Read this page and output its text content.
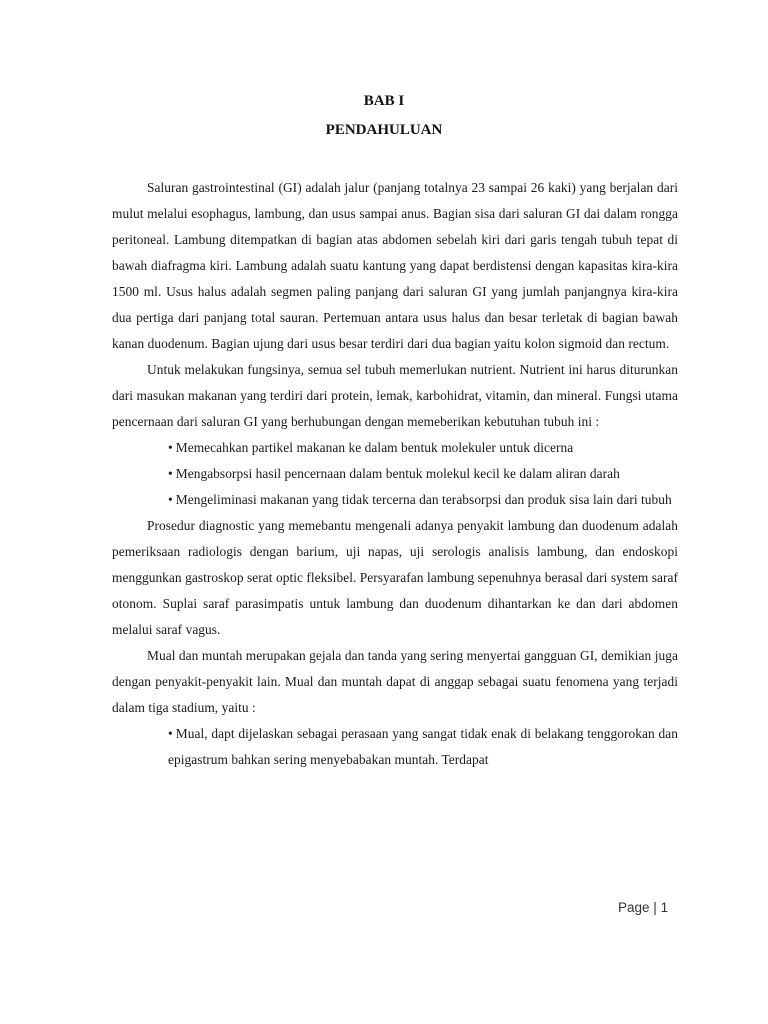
BAB I
PENDAHULUAN

Saluran gastrointestinal (GI) adalah jalur (panjang totalnya 23 sampai 26 kaki) yang berjalan dari mulut melalui esophagus, lambung, dan usus sampai anus. Bagian sisa dari saluran GI dai dalam rongga peritoneal. Lambung ditempatkan di bagian atas abdomen sebelah kiri dari garis tengah tubuh tepat di bawah diafragma kiri. Lambung adalah suatu kantung yang dapat berdistensi dengan kapasitas kira-kira 1500 ml. Usus halus adalah segmen paling panjang dari saluran GI yang jumlah panjangnya kira-kira dua pertiga dari panjang total sauran. Pertemuan antara usus halus dan besar terletak di bagian bawah kanan duodenum. Bagian ujung dari usus besar terdiri dari dua bagian yaitu kolon sigmoid dan rectum.

Untuk melakukan fungsinya, semua sel tubuh memerlukan nutrient. Nutrient ini harus diturunkan dari masukan makanan yang terdiri dari protein, lemak, karbohidrat, vitamin, dan mineral. Fungsi utama pencernaan dari saluran GI yang berhubungan dengan memeberikan kebutuhan tubuh ini :

• Memecahkan partikel makanan ke dalam bentuk molekuler untuk dicerna
• Mengabsorpsi hasil pencernaan dalam bentuk molekul kecil ke dalam aliran darah
• Mengeliminasi makanan yang tidak tercerna dan terabsorpsi dan produk sisa lain dari tubuh

Prosedur diagnostic yang memebantu mengenali adanya penyakit lambung dan duodenum adalah pemeriksaan radiologis dengan barium, uji napas, uji serologis analisis lambung, dan endoskopi menggunkan gastroskop serat optic fleksibel. Persyarafan lambung sepenuhnya berasal dari system saraf otonom. Suplai saraf parasimpatis untuk lambung dan duodenum dihantarkan ke dan dari abdomen melalui saraf vagus.

Mual dan muntah merupakan gejala dan tanda yang sering menyertai gangguan GI, demikian juga dengan penyakit-penyakit lain. Mual dan muntah dapat di anggap sebagai suatu fenomena yang terjadi dalam tiga stadium, yaitu :

• Mual, dapt dijelaskan sebagai perasaan yang sangat tidak enak di belakang tenggorokan dan epigastrum bahkan sering menyebabakan muntah. Terdapat
Page | 1
